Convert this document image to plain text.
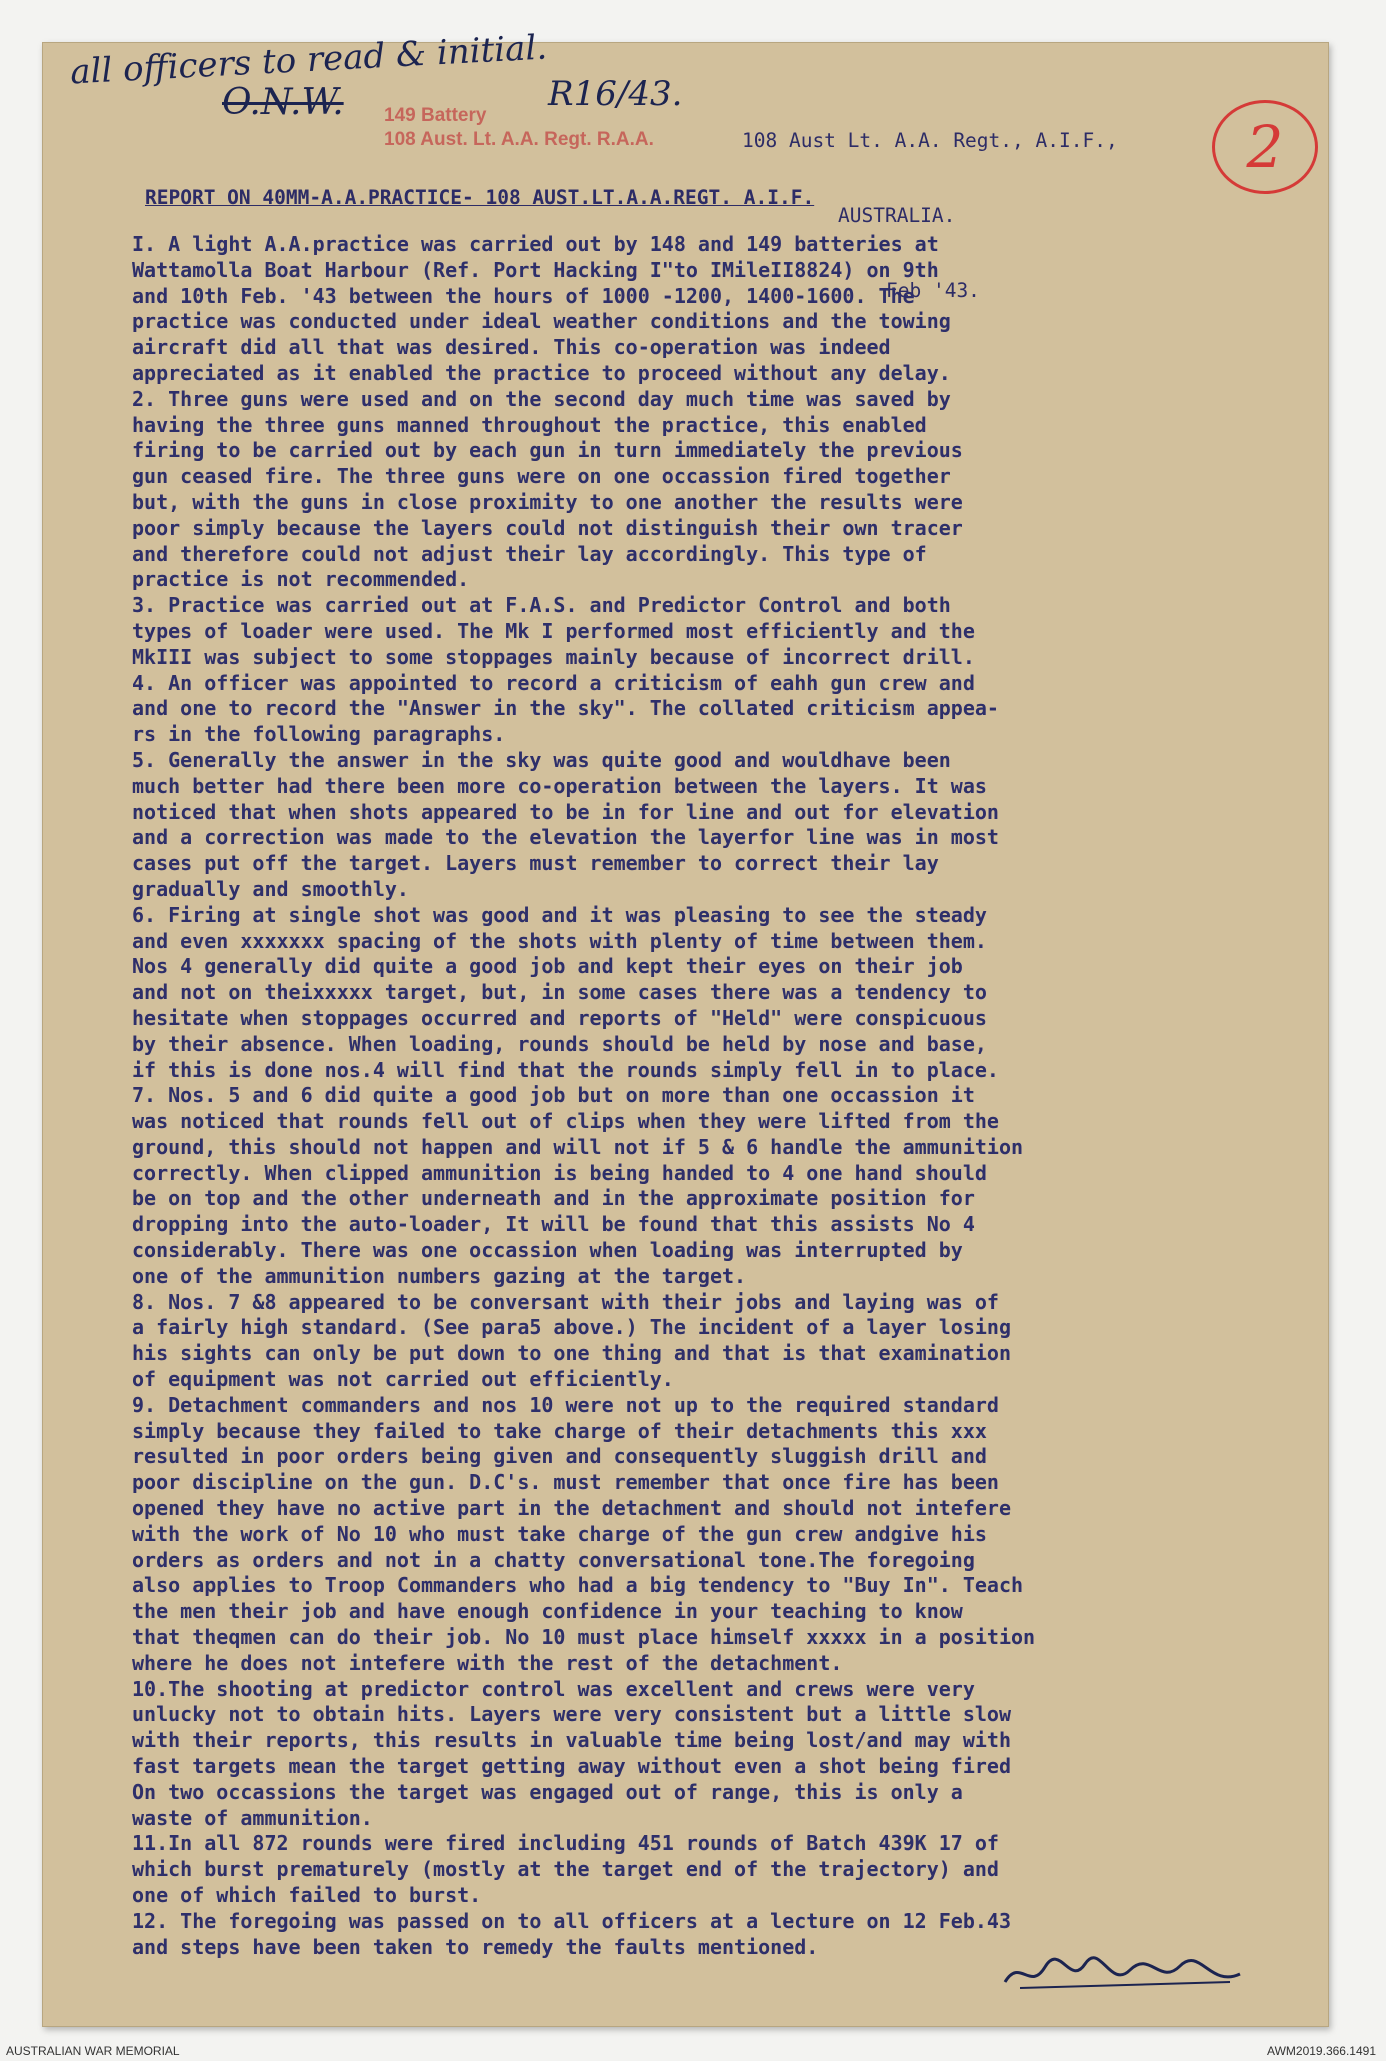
all officers to read & initial.
O.N.W.	R16/43.
149 Battery
108 Aust. Lt. A.A. Regt. R.A.A.

	108 Aust Lt. A.A. Regt., A.I.F.,

AUSTRALIA.

Feb '43.

2
REPORT ON 40MM-A.A.PRACTICE- 108 AUST.LT.A.A.REGT. A.I.F.
I. A light A.A.practice was carried out by 148 and 149 batteries at
Wattamolla Boat Harbour (Ref. Port Hacking I"to IMileII8824) on 9th
and 10th Feb. '43 between the hours of 1000 -1200, 1400-1600. The
practice was conducted under ideal weather conditions and the towing
aircraft did all that was desired. This co-operation was indeed
appreciated as it enabled the practice to proceed without any delay.
2. Three guns were used and on the second day much time was saved by
having the three guns manned throughout the practice, this enabled
firing to be carried out by each gun in turn immediately the previous
gun ceased fire. The three guns were on one occassion fired together
but, with the guns in close proximity to one another the results were
poor simply because the layers could not distinguish their own tracer
and therefore could not adjust their lay accordingly. This type of
practice is not recommended.
3. Practice was carried out at F.A.S. and Predictor Control and both
types of loader were used. The Mk I performed most efficiently and the
MkIII was subject to some stoppages mainly because of incorrect drill.
4. An officer was appointed to record a criticism of eahh gun crew and
and one to record the "Answer in the sky". The collated criticism appea-
rs in the following paragraphs.
5. Generally the answer in the sky was quite good and wouldhave been
much better had there been more co-operation between the layers. It was
noticed that when shots appeared to be in for line and out for elevation
and a correction was made to the elevation the layerfor line was in most
cases put off the target. Layers must remember to correct their lay
gradually and smoothly.
6. Firing at single shot was good and it was pleasing to see the steady
and even xxxxxxx spacing of the shots with plenty of time between them.
Nos 4 generally did quite a good job and kept their eyes on their job
and not on theixxxxx target, but, in some cases there was a tendency to
hesitate when stoppages occurred and reports of "Held" were conspicuous
by their absence. When loading, rounds should be held by nose and base,
if this is done nos.4 will find that the rounds simply fell in to place.
7. Nos. 5 and 6 did quite a good job but on more than one occassion it
was noticed that rounds fell out of clips when they were lifted from the
ground, this should not happen and will not if 5 & 6 handle the ammunition
correctly. When clipped ammunition is being handed to 4 one hand should
be on top and the other underneath and in the approximate position for
dropping into the auto-loader, It will be found that this assists No 4
considerably. There was one occassion when loading was interrupted by
one of the ammunition numbers gazing at the target.
8. Nos. 7 &8 appeared to be conversant with their jobs and laying was of
a fairly high standard. (See para5 above.) The incident of a layer losing
his sights can only be put down to one thing and that is that examination
of equipment was not carried out efficiently.
9. Detachment commanders and nos 10 were not up to the required standard
simply because they failed to take charge of their detachments this xxx
resulted in poor orders being given and consequently sluggish drill and
poor discipline on the gun. D.C's. must remember that once fire has been
opened they have no active part in the detachment and should not intefere
with the work of No 10 who must take charge of the gun crew andgive his
orders as orders and not in a chatty conversational tone.The foregoing
also applies to Troop Commanders who had a big tendency to "Buy In". Teach
the men their job and have enough confidence in your teaching to know
that theqmen can do their job. No 10 must place himself xxxxx in a position
where he does not intefere with the rest of the detachment.
10.The shooting at predictor control was excellent and crews were very
unlucky not to obtain hits. Layers were very consistent but a little slow
with their reports, this results in valuable time being lost/and may with
fast targets mean the target getting away without even a shot being fired
On two occassions the target was engaged out of range, this is only a
waste of ammunition.
11.In all 872 rounds were fired including 451 rounds of Batch 439K 17 of
which burst prematurely (mostly at the target end of the trajectory) and
one of which failed to burst.
12. The foregoing was passed on to all officers at a lecture on 12 Feb.43
and steps have been taken to remedy the faults mentioned.
AUSTRALIAN WAR MEMORIAL	AWM2019.366.1491
